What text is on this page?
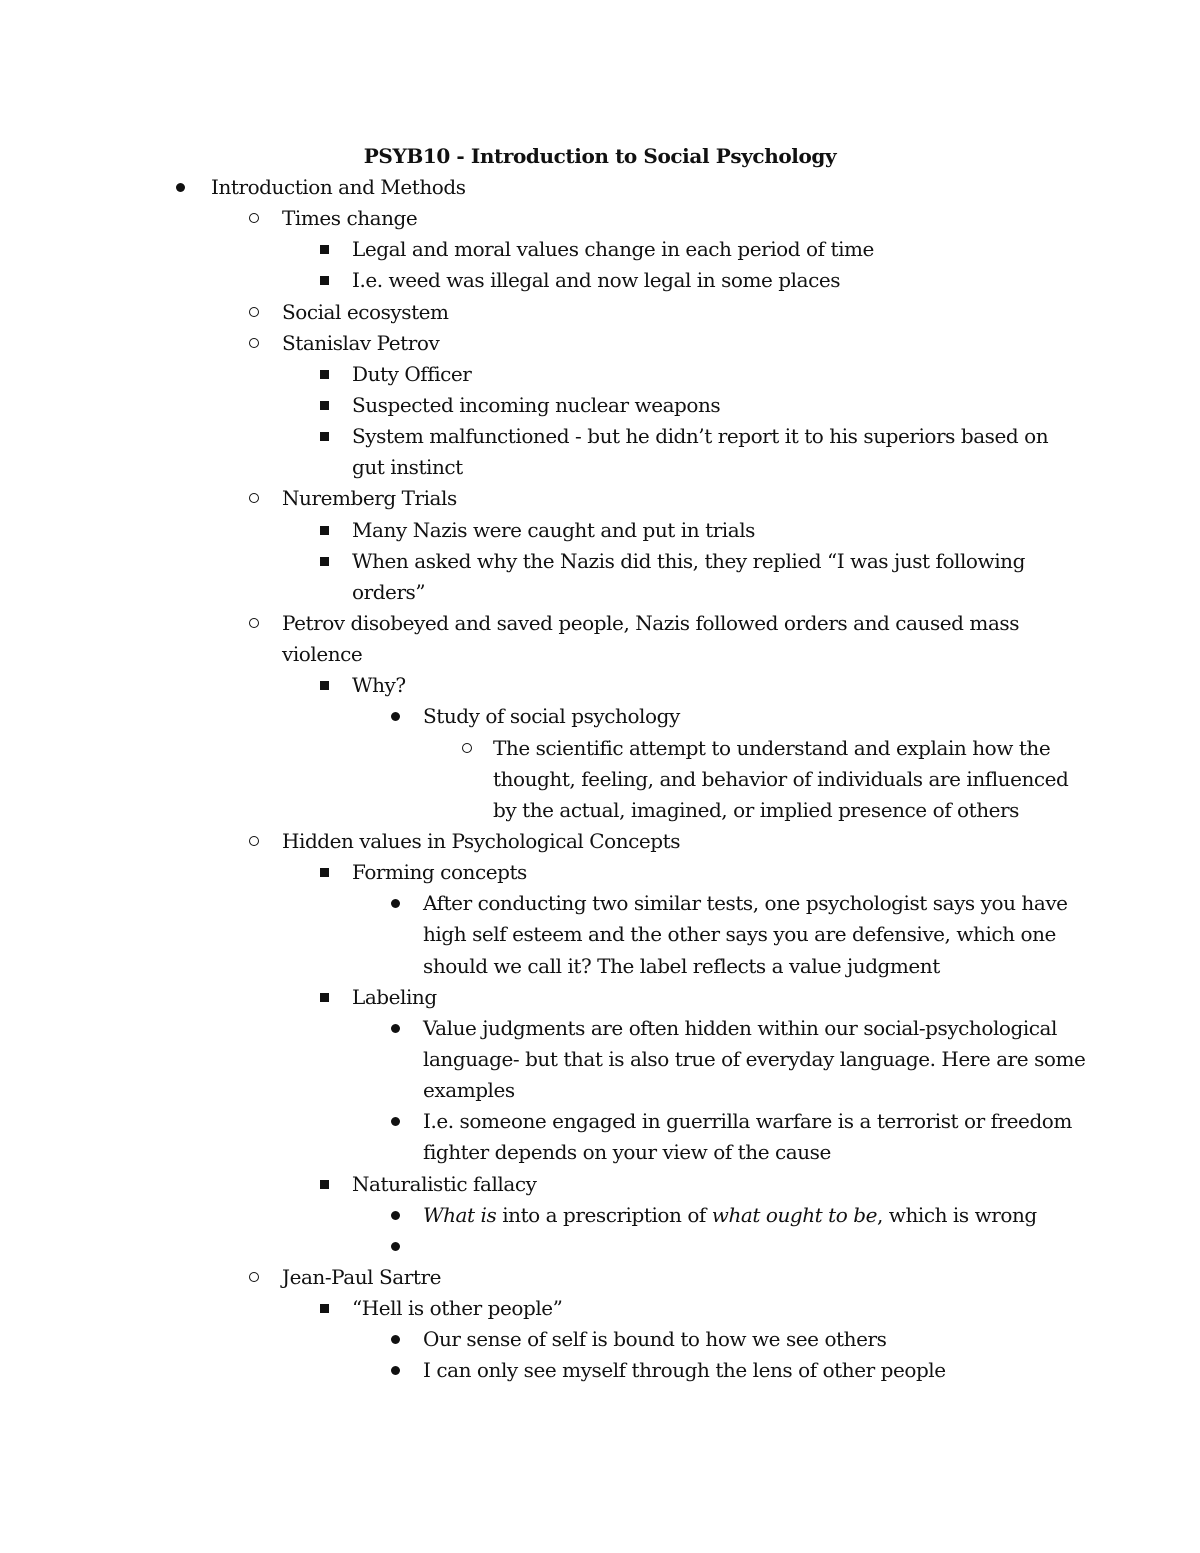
PSYB10 - Introduction to Social Psychology
Introduction and Methods
Times change
Legal and moral values change in each period of time
I.e. weed was illegal and now legal in some places
Social ecosystem
Stanislav Petrov
Duty Officer
Suspected incoming nuclear weapons
System malfunctioned - but he didn’t report it to his superiors based on
gut instinct
Nuremberg Trials
Many Nazis were caught and put in trials
When asked why the Nazis did this, they replied “I was just following
orders”
Petrov disobeyed and saved people, Nazis followed orders and caused mass
violence
Why?
Study of social psychology
The scientific attempt to understand and explain how the
thought, feeling, and behavior of individuals are influenced
by the actual, imagined, or implied presence of others
Hidden values in Psychological Concepts
Forming concepts
After conducting two similar tests, one psychologist says you have
high self esteem and the other says you are defensive, which one
should we call it? The label reflects a value judgment
Labeling
Value judgments are often hidden within our social-psychological
language- but that is also true of everyday language. Here are some
examples
I.e. someone engaged in guerrilla warfare is a terrorist or freedom
fighter depends on your view of the cause
Naturalistic fallacy
What is into a prescription of what ought to be, which is wrong
Jean-Paul Sartre
“Hell is other people”
Our sense of self is bound to how we see others
I can only see myself through the lens of other people
